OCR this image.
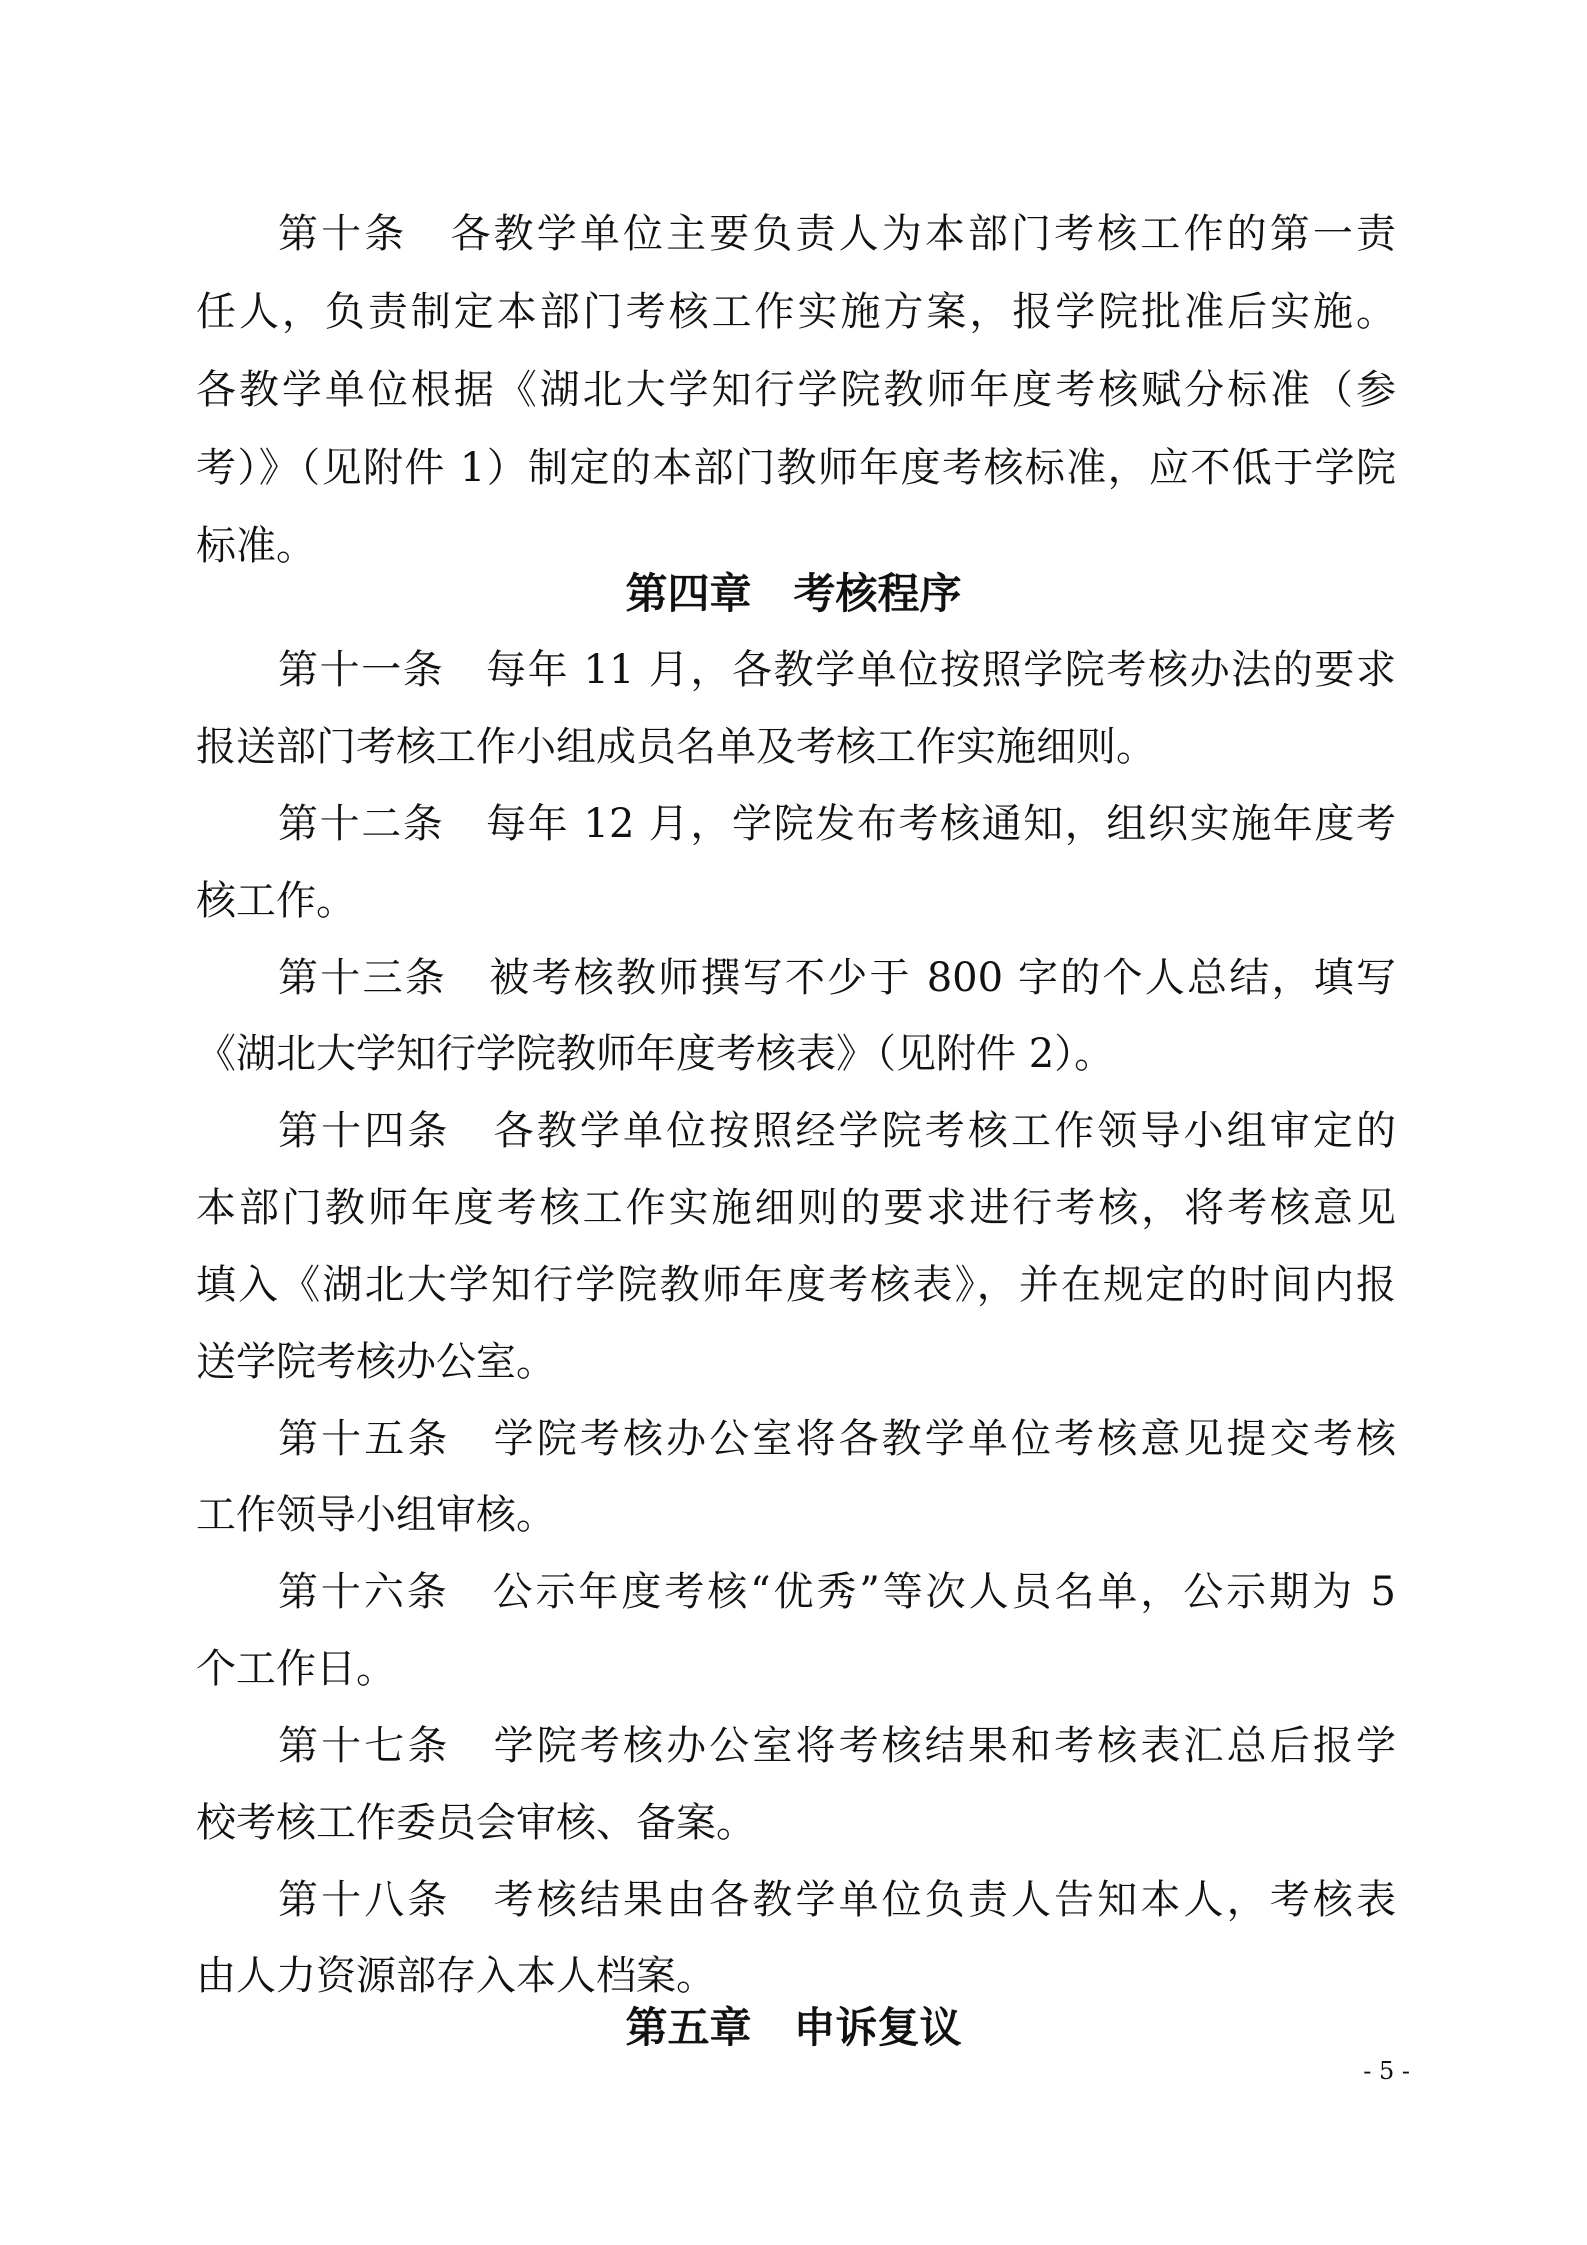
第十条 各教学单位主要负责人为本部门考核工作的第一责
任人，负责制定本部门考核工作实施方案，报学院批准后实施。
各教学单位根据《湖北大学知行学院教师年度考核赋分标准（参
考）》（见附件 1）制定的本部门教师年度考核标准，应不低于学院
标准。
第四章 考核程序
第十一条 每年 11 月，各教学单位按照学院考核办法的要求
报送部门考核工作小组成员名单及考核工作实施细则。
第十二条 每年 12 月，学院发布考核通知，组织实施年度考
核工作。
第十三条 被考核教师撰写不少于 800 字的个人总结，填写
《湖北大学知行学院教师年度考核表》（见附件 2）。
第十四条 各教学单位按照经学院考核工作领导小组审定的
本部门教师年度考核工作实施细则的要求进行考核，将考核意见
填入《湖北大学知行学院教师年度考核表》，并在规定的时间内报
送学院考核办公室。
第十五条 学院考核办公室将各教学单位考核意见提交考核
工作领导小组审核。
第十六条 公示年度考核“优秀”等次人员名单，公示期为 5
个工作日。
第十七条 学院考核办公室将考核结果和考核表汇总后报学
校考核工作委员会审核、备案。
第十八条 考核结果由各教学单位负责人告知本人，考核表
由人力资源部存入本人档案。
第五章 申诉复议
- 5 -
